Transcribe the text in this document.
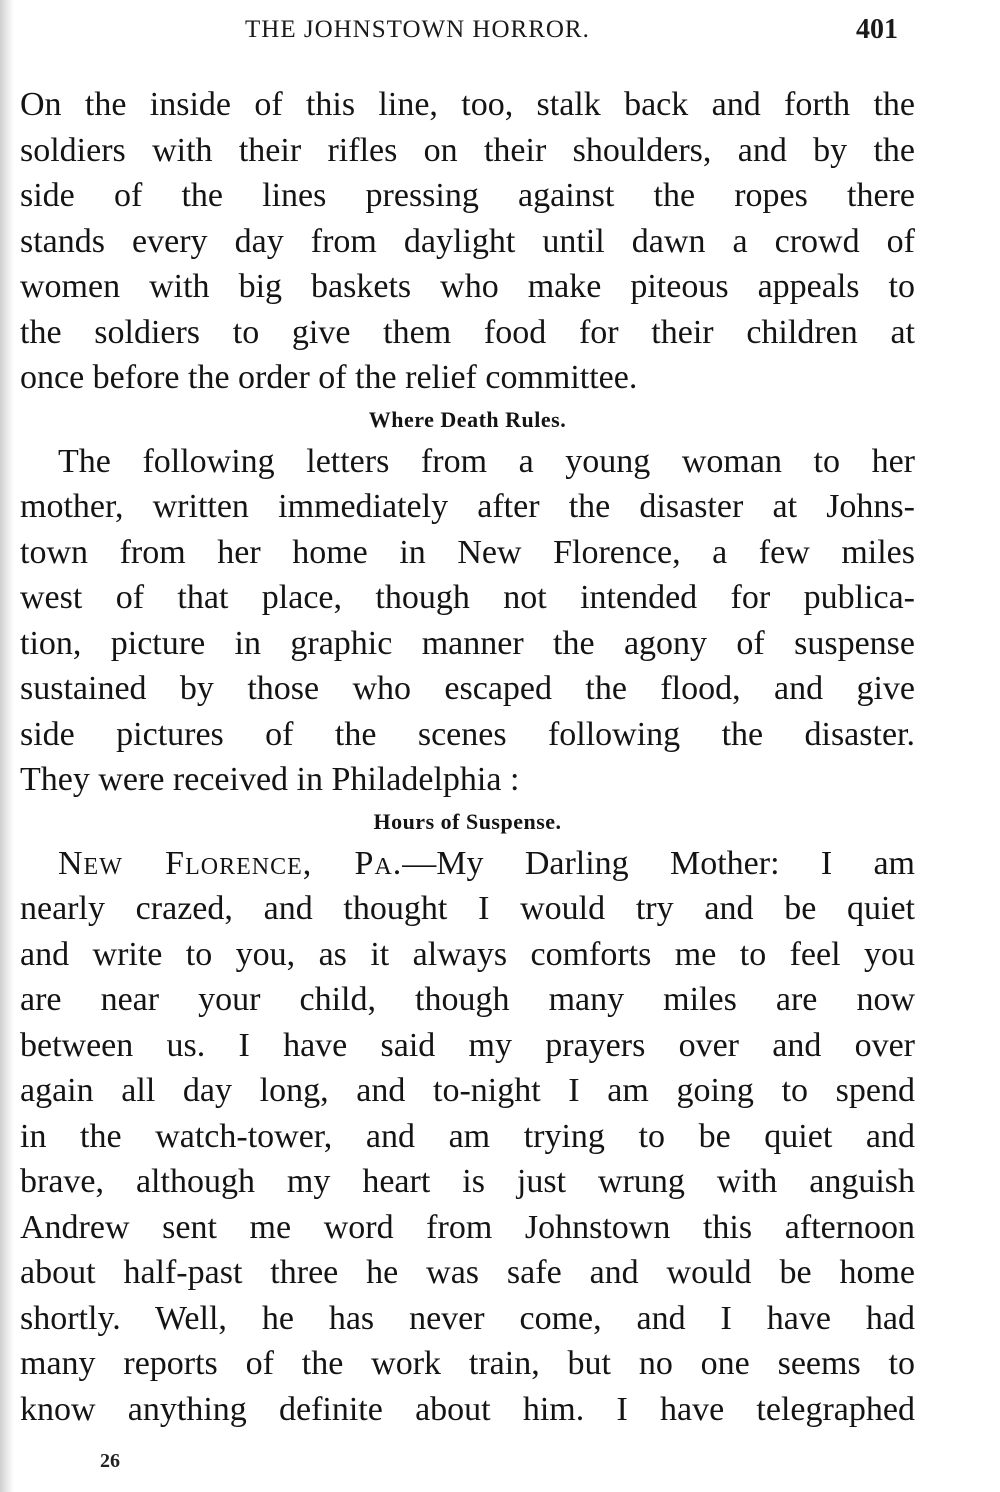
THE JOHNSTOWN HORROR.	401
On the inside of this line, too, stalk back and forth the
soldiers with their rifles on their shoulders, and by the
side of the lines pressing against the ropes there
stands every day from daylight until dawn a crowd of
women with big baskets who make piteous appeals to
the soldiers to give them food for their children at
once before the order of the relief committee.
Where Death Rules.
The following letters from a young woman to her
mother, written immediately after the disaster at Johns-
town from her home in New Florence, a few miles
west of that place, though not intended for publica-
tion, picture in graphic manner the agony of suspense
sustained by those who escaped the flood, and give
side pictures of the scenes following the disaster.
They were received in Philadelphia :
Hours of Suspense.
New Florence, Pa.—My Darling Mother: I am
nearly crazed, and thought I would try and be quiet
and write to you, as it always comforts me to feel you
are near your child, though many miles are now
between us. I have said my prayers over and over
again all day long, and to-night I am going to spend
in the watch-tower, and am trying to be quiet and
brave, although my heart is just wrung with anguish
Andrew sent me word from Johnstown this afternoon
about half-past three he was safe and would be home
shortly. Well, he has never come, and I have had
many reports of the work train, but no one seems to
know anything definite about him. I have telegraphed
26
